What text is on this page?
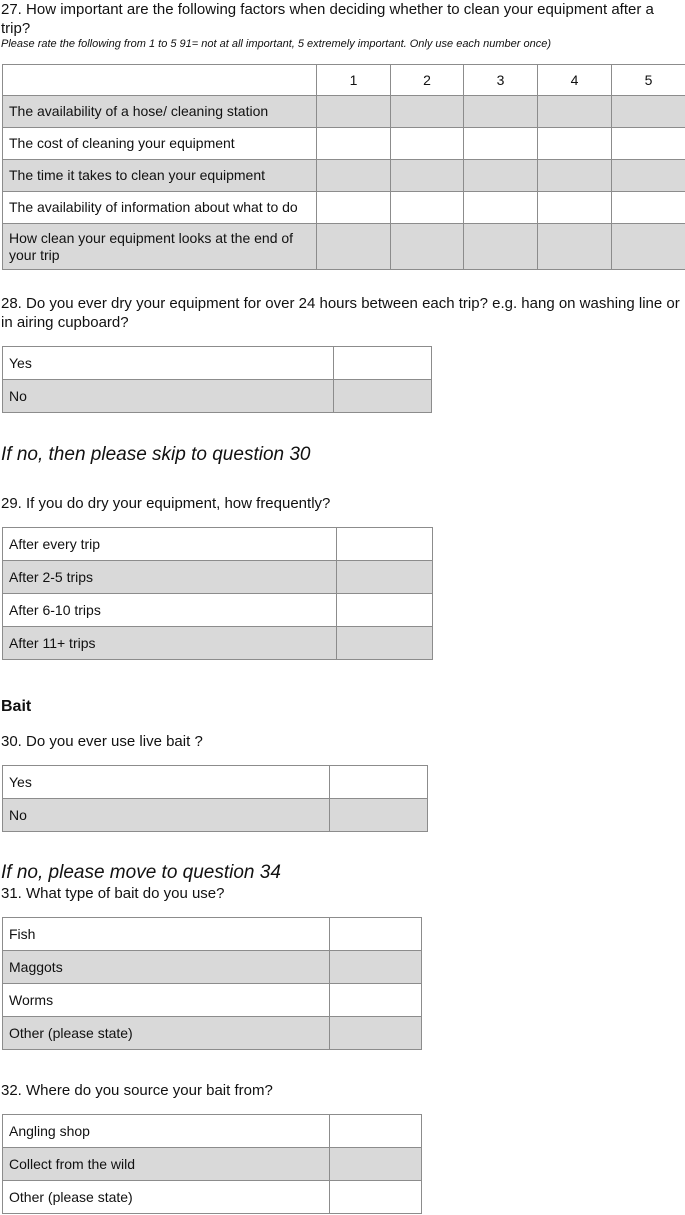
27. How important are the following factors when deciding whether to clean your equipment after a trip?
Please rate the following from 1 to 5 91= not at all important, 5 extremely important. Only use each number once)
	1	2	3	4	5
The availability of a hose/ cleaning station					
The cost of cleaning your equipment					
The time it takes to clean your equipment					
The availability of information about what to do					
How clean your equipment looks at the end of your trip					
28. Do you ever dry your equipment for over 24 hours between each trip? e.g. hang on washing line or in airing cupboard?
Yes	
No	
If no, then please skip to question 30
29. If you do dry your equipment, how frequently?
After every trip	
After 2-5 trips	
After 6-10 trips	
After 11+ trips	
Bait
30. Do you ever use live bait ?
Yes	
No	
If no, please move to question 34
31. What type of bait do you use?
Fish	
Maggots	
Worms	
Other (please state)	
32. Where do you source your bait from?
Angling shop	
Collect from the wild	
Other (please state)	
